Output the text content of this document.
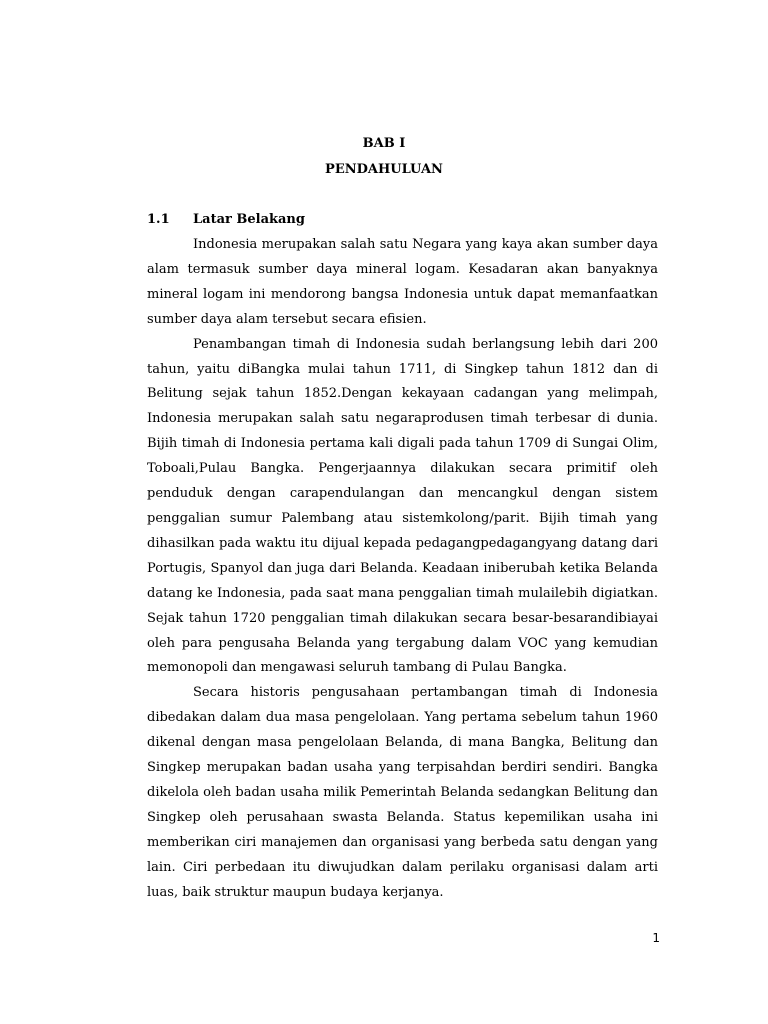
BAB I
PENDAHULUAN
1.1 Latar Belakang

Indonesia merupakan salah satu Negara yang kaya akan sumber daya alam termasuk sumber daya mineral logam. Kesadaran akan banyaknya mineral logam ini mendorong bangsa Indonesia untuk dapat memanfaatkan sumber daya alam tersebut secara efisien.

Penambangan timah di Indonesia sudah berlangsung lebih dari 200 tahun, yaitu diBangka mulai tahun 1711, di Singkep tahun 1812 dan di Belitung sejak tahun 1852.Dengan kekayaan cadangan yang melimpah, Indonesia merupakan salah satu negaraprodusen timah terbesar di dunia. Bijih timah di Indonesia pertama kali digali pada tahun 1709 di Sungai Olim, Toboali,Pulau Bangka. Pengerjaannya dilakukan secara primitif oleh penduduk dengan carapendulangan dan mencangkul dengan sistem penggalian sumur Palembang atau sistemkolong/parit. Bijih timah yang dihasilkan pada waktu itu dijual kepada pedagangpedagangyang datang dari Portugis, Spanyol dan juga dari Belanda. Keadaan iniberubah ketika Belanda datang ke Indonesia, pada saat mana penggalian timah mulailebih digiatkan. Sejak tahun 1720 penggalian timah dilakukan secara besar-besarandibiayai oleh para pengusaha Belanda yang tergabung dalam VOC yang kemudian memonopoli dan mengawasi seluruh tambang di Pulau Bangka.

Secara historis pengusahaan pertambangan timah di Indonesia dibedakan dalam dua masa pengelolaan. Yang pertama sebelum tahun 1960 dikenal dengan masa pengelolaan Belanda, di mana Bangka, Belitung dan Singkep merupakan badan usaha yang terpisahdan berdiri sendiri. Bangka dikelola oleh badan usaha milik Pemerintah Belanda sedangkan Belitung dan Singkep oleh perusahaan swasta Belanda. Status kepemilikan usaha ini memberikan ciri manajemen dan organisasi yang berbeda satu dengan yang lain. Ciri perbedaan itu diwujudkan dalam perilaku organisasi dalam arti luas, baik struktur maupun budaya kerjanya.

1
